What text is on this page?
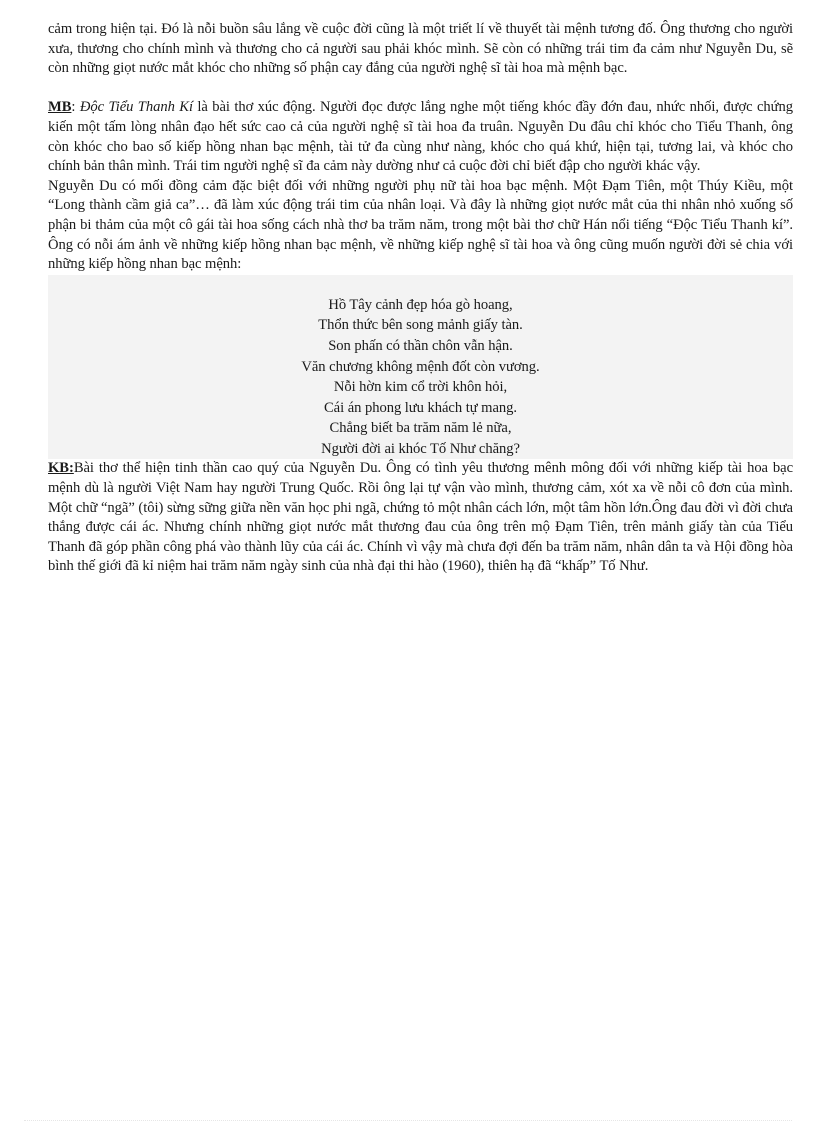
cảm trong hiện tại. Đó là nỗi buồn sâu lắng về cuộc đời cũng là một triết lí về thuyết tài mệnh tương đố. Ông thương cho người xưa, thương cho chính mình và thương cho cả người sau phải khóc mình. Sẽ còn có những trái tim đa cảm như Nguyễn Du, sẽ còn những giọt nước mắt khóc cho những số phận cay đắng của người nghệ sĩ tài hoa mà mệnh bạc.

MB: Độc Tiểu Thanh Kí là bài thơ xúc động. Người đọc được lắng nghe một tiếng khóc đầy đớn đau, nhức nhối, được chứng kiến một tấm lòng nhân đạo hết sức cao cả của người nghệ sĩ tài hoa đa truân. Nguyễn Du đâu chỉ khóc cho Tiểu Thanh, ông còn khóc cho bao số kiếp hồng nhan bạc mệnh, tài tử đa cùng như nàng, khóc cho quá khứ, hiện tại, tương lai, và khóc cho chính bản thân mình. Trái tim người nghệ sĩ đa cảm này dường như cả cuộc đời chỉ biết đập cho người khác vậy.

Nguyễn Du có mối đồng cảm đặc biệt đối với những người phụ nữ tài hoa bạc mệnh. Một Đạm Tiên, một Thúy Kiều, một “Long thành cầm giả ca”… đã làm xúc động trái tim của nhân loại. Và đây là những giọt nước mắt của thi nhân nhỏ xuống số phận bi thảm của một cô gái tài hoa sống cách nhà thơ ba trăm năm, trong một bài thơ chữ Hán nổi tiếng “Độc Tiểu Thanh kí”. Ông có nỗi ám ảnh về những kiếp hồng nhan bạc mệnh, về những kiếp nghệ sĩ tài hoa và ông cũng muốn người đời sẻ chia với những kiếp hồng nhan bạc mệnh:

Hồ Tây cảnh đẹp hóa gò hoang,
Thổn thức bên song mảnh giấy tàn.
Son phấn có thần chôn vẫn hận.
Văn chương không mệnh đốt còn vương.
Nỗi hờn kim cổ trời khôn hỏi,
Cái án phong lưu khách tự mang.
Chẳng biết ba trăm năm lẻ nữa,
Người đời ai khóc Tố Như chăng?

KB:Bài thơ thể hiện tinh thần cao quý của Nguyễn Du. Ông có tình yêu thương mênh mông đối với những kiếp tài hoa bạc mệnh dù là người Việt Nam hay người Trung Quốc. Rồi ông lại tự vận vào mình, thương cảm, xót xa về nỗi cô đơn của mình. Một chữ “ngã” (tôi) sừng sững giữa nền văn học phi ngã, chứng tỏ một nhân cách lớn, một tâm hồn lớn.Ông đau đời vì đời chưa thắng được cái ác. Nhưng chính những giọt nước mắt thương đau của ông trên mộ Đạm Tiên, trên mảnh giấy tàn của Tiểu Thanh đã góp phần công phá vào thành lũy của cái ác. Chính vì vậy mà chưa đợi đến ba trăm năm, nhân dân ta và Hội đồng hòa bình thế giới đã kỉ niệm hai trăm năm ngày sinh của nhà đại thi hào (1960), thiên hạ đã “khấp” Tố Như.
